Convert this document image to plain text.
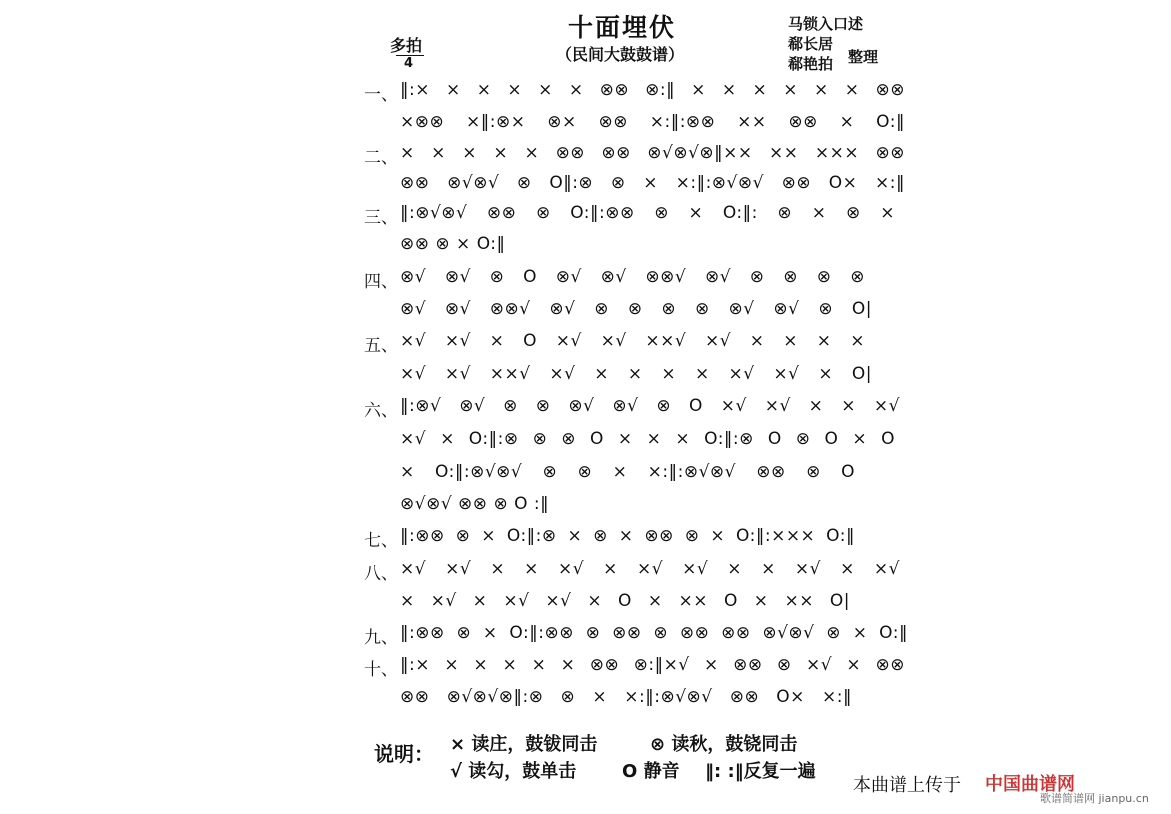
十面埋伏
（民间大鼓鼓谱）
多拍
4
马锁入口述
郗长居
郗艳拍 整理
一、 ‖:× × × × × × ⊗⊗ ⊗:‖ × × × × × × ⊗⊗
×⊗⊗ ×‖:⊗× ⊗× ⊗⊗ ×:‖:⊗⊗ ×× ⊗⊗ × O:‖
二、 × × × × × ⊗⊗ ⊗⊗ ⊗√⊗√⊗‖×× ×× ××× ⊗⊗
⊗⊗ ⊗√⊗√ ⊗ O‖:⊗ ⊗ × ×:‖:⊗√⊗√ ⊗⊗ O× ×:‖
三、 ‖:⊗√⊗√ ⊗⊗ ⊗ O:‖:⊗⊗ ⊗ × O:‖: ⊗ × ⊗ ×
⊗⊗ ⊗ × O:‖
四、 ⊗√ ⊗√ ⊗ O ⊗√ ⊗√ ⊗⊗√ ⊗√ ⊗ ⊗ ⊗ ⊗
⊗√ ⊗√ ⊗⊗√ ⊗√ ⊗ ⊗ ⊗ ⊗ ⊗√ ⊗√ ⊗ O|
五、 ×√ ×√ × O ×√ ×√ ××√ ×√ × × × ×
×√ ×√ ××√ ×√ × × × × ×√ ×√ × O|
六、 ‖:⊗√ ⊗√ ⊗ ⊗ ⊗√ ⊗√ ⊗ O ×√ ×√ × × ×√
×√ × O:‖:⊗ ⊗ ⊗ O × × × O:‖:⊗ O ⊗ O × O
× O:‖:⊗√⊗√ ⊗ ⊗ × ×:‖:⊗√⊗√ ⊗⊗ ⊗ O
⊗√⊗√ ⊗⊗ ⊗ O :‖
七、 ‖:⊗⊗ ⊗ × O:‖:⊗ × ⊗ × ⊗⊗ ⊗ × O:‖:××× O:‖
八、 ×√ ×√ × × ×√ × ×√ ×√ × × ×√ × ×√
× ×√ × ×√ ×√ × O × ×× O × ×× O|
九、 ‖:⊗⊗ ⊗ × O:‖:⊗⊗ ⊗ ⊗⊗ ⊗ ⊗⊗ ⊗⊗ ⊗√⊗√ ⊗ × O:‖
十、 ‖:× × × × × × ⊗⊗ ⊗:‖×√ × ⊗⊗ ⊗ ×√ × ⊗⊗
⊗⊗ ⊗√⊗√⊗‖:⊗ ⊗ × ×:‖:⊗√⊗√ ⊗⊗ O× ×:‖
说明： × 读庄，鼓钹同击	⊗ 读秋，鼓铙同击
√ 读勾，鼓单击	O 静音 ‖: :‖反复一遍
本曲谱上传于 中国曲谱网
歌谱简谱网 jianpu.cn
